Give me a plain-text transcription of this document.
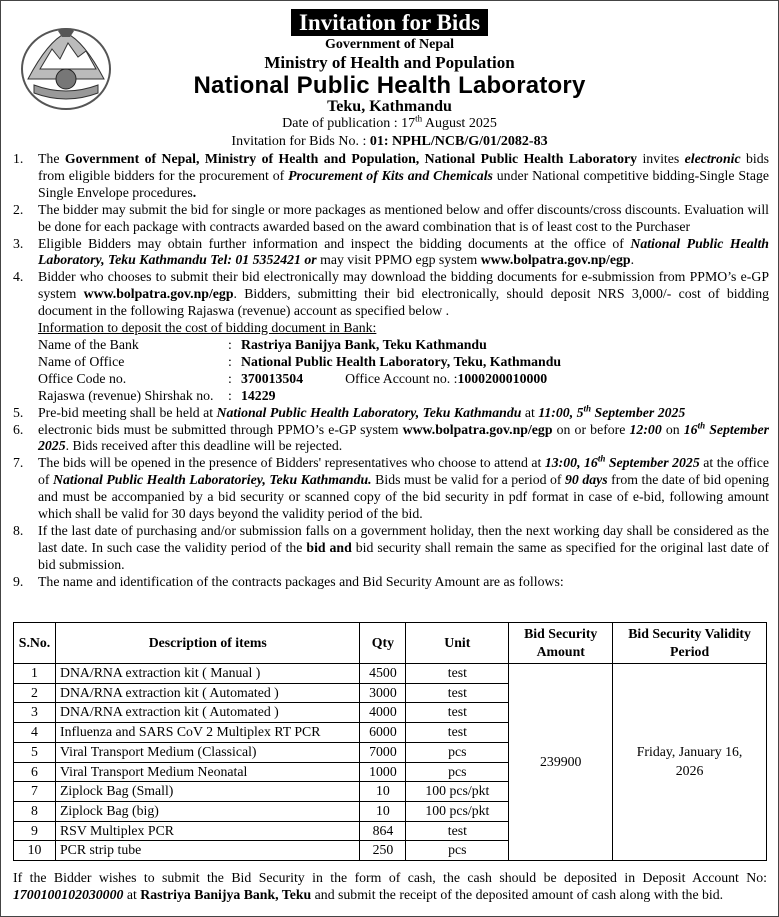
Invitation for Bids
Government of Nepal
Ministry of Health and Population
National Public Health Laboratory
Teku, Kathmandu
Date of publication : 17th August 2025
Invitation for Bids No. : 01: NPHL/NCB/G/01/2082-83
1.	The Government of Nepal, Ministry of Health and Population, National Public Health Laboratory invites electronic bids from eligible bidders for the procurement of Procurement of Kits and Chemicals under National competitive bidding-Single Stage Single Envelope procedures.
2.	The bidder may submit the bid for single or more packages as mentioned below and offer discounts/cross discounts. Evaluation will be done for each package with contracts awarded based on the award combination that is of least cost to the Purchaser
3.	Eligible Bidders may obtain further information and inspect the bidding documents at the office of National Public Health Laboratory, Teku Kathmandu Tel: 01 5352421 or may visit PPMO egp system www.bolpatra.gov.np/egp.
4.	Bidder who chooses to submit their bid electronically may download the bidding documents for e-submission from PPMO’s e-GP system www.bolpatra.gov.np/egp. Bidders, submitting their bid electronically, should deposit NRS 3,000/- cost of bidding document in the following Rajaswa (revenue) account as specified below .
Information to deposit the cost of bidding document in Bank:
Name of the Bank	: Rastriya Banijya Bank, Teku Kathmandu
Name of Office	: National Public Health Laboratory, Teku, Kathmandu
Office Code no.	: 370013504	Office Account no. : 1000200010000
Rajaswa (revenue) Shirshak no.	: 14229
5.	Pre-bid meeting shall be held at National Public Health Laboratory, Teku Kathmandu at 11:00, 5th September 2025
6.	electronic bids must be submitted through PPMO’s e-GP system www.bolpatra.gov.np/egp on or before 12:00 on 16th September 2025. Bids received after this deadline will be rejected.
7.	The bids will be opened in the presence of Bidders' representatives who choose to attend at 13:00, 16th September 2025 at the office of National Public Health Laboratoriey, Teku Kathmandu. Bids must be valid for a period of 90 days from the date of bid opening and must be accompanied by a bid security or scanned copy of the bid security in pdf format in case of e-bid, following amount which shall be valid for 30 days beyond the validity period of the bid.
8.	If the last date of purchasing and/or submission falls on a government holiday, then the next working day shall be considered as the last date. In such case the validity period of the bid and bid security shall remain the same as specified for the original last date of bid submission.
9.	The name and identification of the contracts packages and Bid Security Amount are as follows:
S.No.	Description of items	Qty	Unit	Bid Security Amount	Bid Security Validity Period
1	DNA/RNA extraction kit ( Manual )	4500	test	239900	Friday, January 16, 2026
2	DNA/RNA extraction kit ( Automated )	3000	test		
3	DNA/RNA extraction kit ( Automated )	4000	test		
4	Influenza and SARS CoV 2 Multiplex RT PCR	6000	test		
5	Viral Transport Medium (Classical)	7000	pcs		
6	Viral Transport Medium Neonatal	1000	pcs		
7	Ziplock Bag (Small)	10	100 pcs/pkt		
8	Ziplock Bag (big)	10	100 pcs/pkt		
9	RSV Multiplex PCR	864	test		
10	PCR strip tube	250	pcs		
If the Bidder wishes to submit the Bid Security in the form of cash, the cash should be deposited in Deposit Account No: 1700100102030000 at Rastriya Banijya Bank, Teku and submit the receipt of the deposited amount of cash along with the bid.
